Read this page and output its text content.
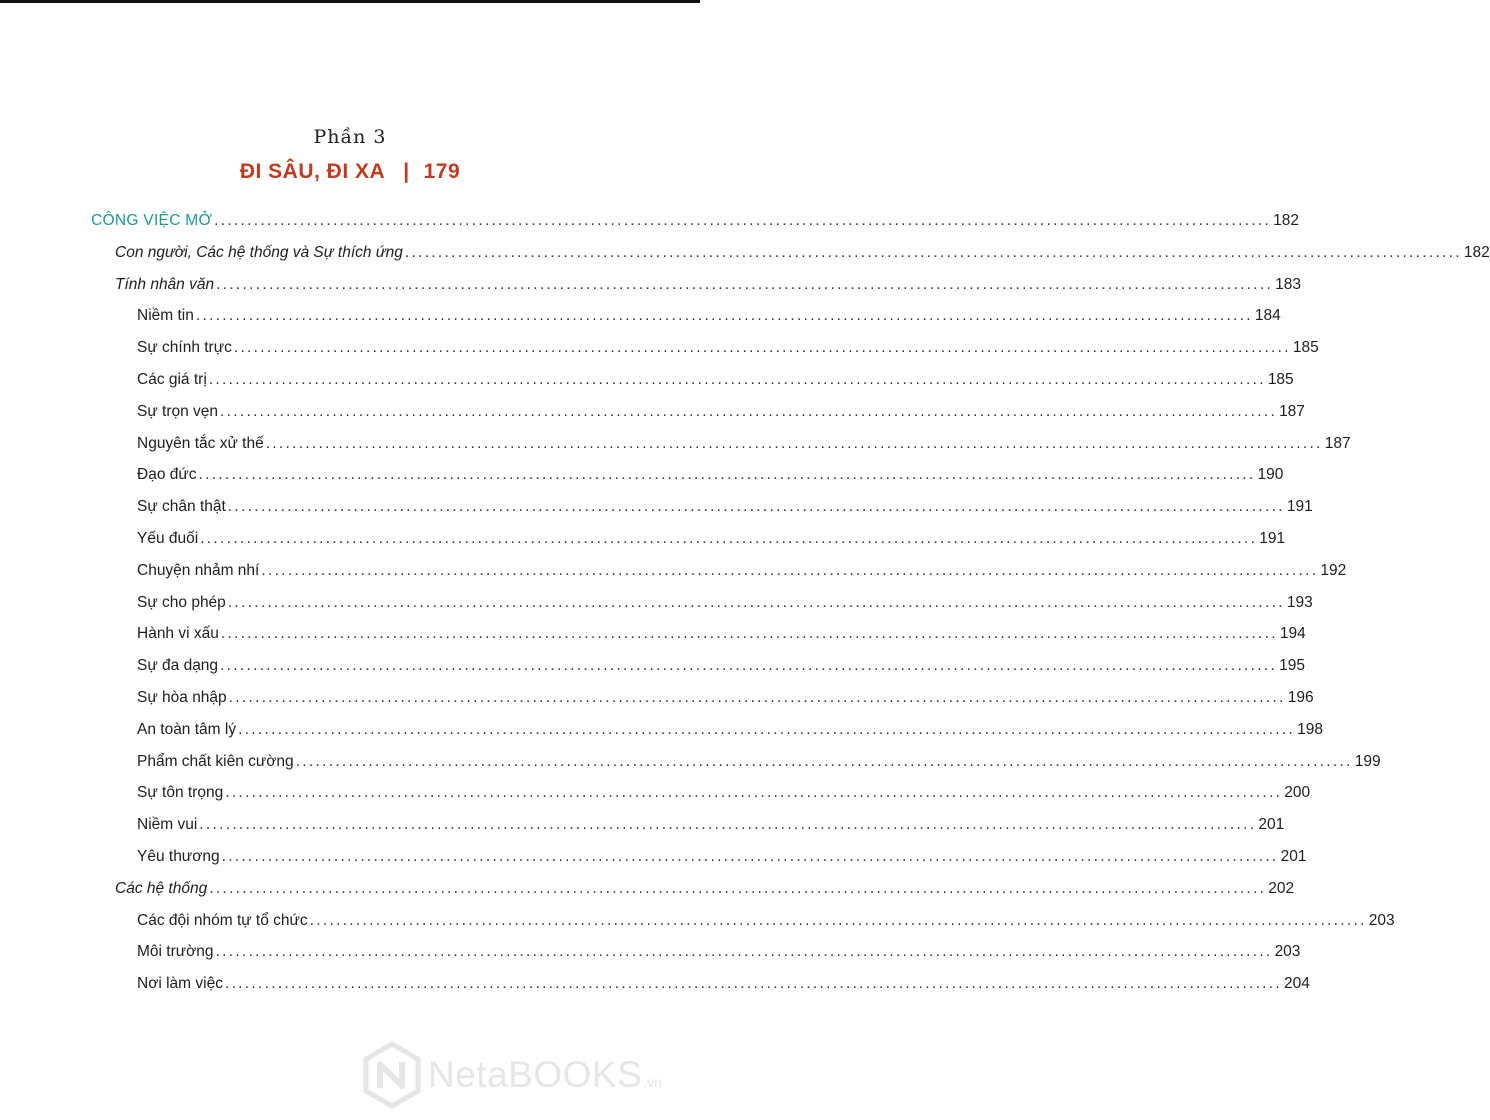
Phần 3
ĐI SÂU, ĐI XA | 179
CÔNG VIỆC MỞ ................................................................................................................................................................ 182
Con người, Các hệ thống và Sự thích ứng ................................................................................................................................................................ 182
Tính nhân văn ................................................................................................................................................................ 183
Niềm tin ................................................................................................................................................................ 184
Sự chính trực ................................................................................................................................................................ 185
Các giá trị ................................................................................................................................................................ 185
Sự trọn vẹn ................................................................................................................................................................ 187
Nguyên tắc xử thế ................................................................................................................................................................ 187
Đạo đức ................................................................................................................................................................ 190
Sự chân thật ................................................................................................................................................................ 191
Yếu đuối ................................................................................................................................................................ 191
Chuyện nhảm nhí ................................................................................................................................................................ 192
Sự cho phép ................................................................................................................................................................ 193
Hành vi xấu ................................................................................................................................................................ 194
Sự đa dạng ................................................................................................................................................................ 195
Sự hòa nhập ................................................................................................................................................................ 196
An toàn tâm lý ................................................................................................................................................................ 198
Phẩm chất kiên cường ................................................................................................................................................................ 199
Sự tôn trọng ................................................................................................................................................................ 200
Niềm vui ................................................................................................................................................................ 201
Yêu thương ................................................................................................................................................................ 201
Các hệ thống ................................................................................................................................................................ 202
Các đội nhóm tự tổ chức ................................................................................................................................................................ 203
Môi trường ................................................................................................................................................................ 203
Nơi làm việc ................................................................................................................................................................ 204
NetaBOOKS .vn
